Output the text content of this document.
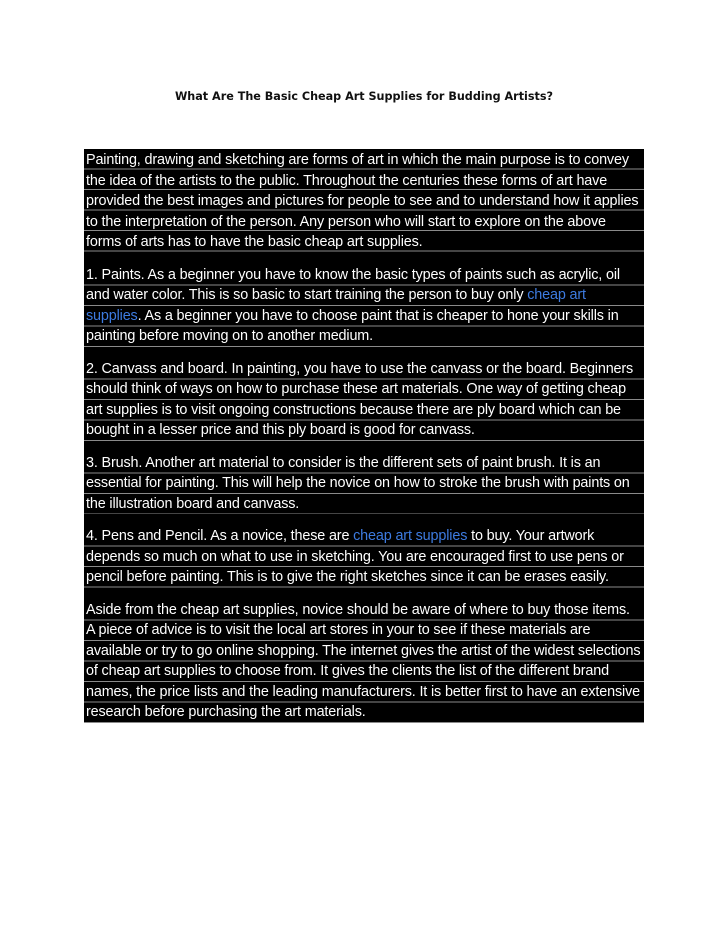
What Are The Basic Cheap Art Supplies for Budding Artists?

Painting, drawing and sketching are forms of art in which the main purpose is to convey the idea of the artists to the public. Throughout the centuries these forms of art have provided the best images and pictures for people to see and to understand how it applies to the interpretation of the person. Any person who will start to explore on the above forms of arts has to have the basic cheap art supplies.

1. Paints. As a beginner you have to know the basic types of paints such as acrylic, oil and water color. This is so basic to start training the person to buy only cheap art supplies. As a beginner you have to choose paint that is cheaper to hone your skills in painting before moving on to another medium.

2. Canvass and board. In painting, you have to use the canvass or the board. Beginners should think of ways on how to purchase these art materials. One way of getting cheap art supplies is to visit ongoing constructions because there are ply board which can be bought in a lesser price and this ply board is good for canvass.

3. Brush. Another art material to consider is the different sets of paint brush. It is an essential for painting. This will help the novice on how to stroke the brush with paints on the illustration board and canvass.

4. Pens and Pencil. As a novice, these are cheap art supplies to buy. Your artwork depends so much on what to use in sketching. You are encouraged first to use pens or pencil before painting. This is to give the right sketches since it can be erases easily.

Aside from the cheap art supplies, novice should be aware of where to buy those items. A piece of advice is to visit the local art stores in your to see if these materials are available or try to go online shopping. The internet gives the artist of the widest selections of cheap art supplies to choose from. It gives the clients the list of the different brand names, the price lists and the leading manufacturers. It is better first to have an extensive research before purchasing the art materials.
